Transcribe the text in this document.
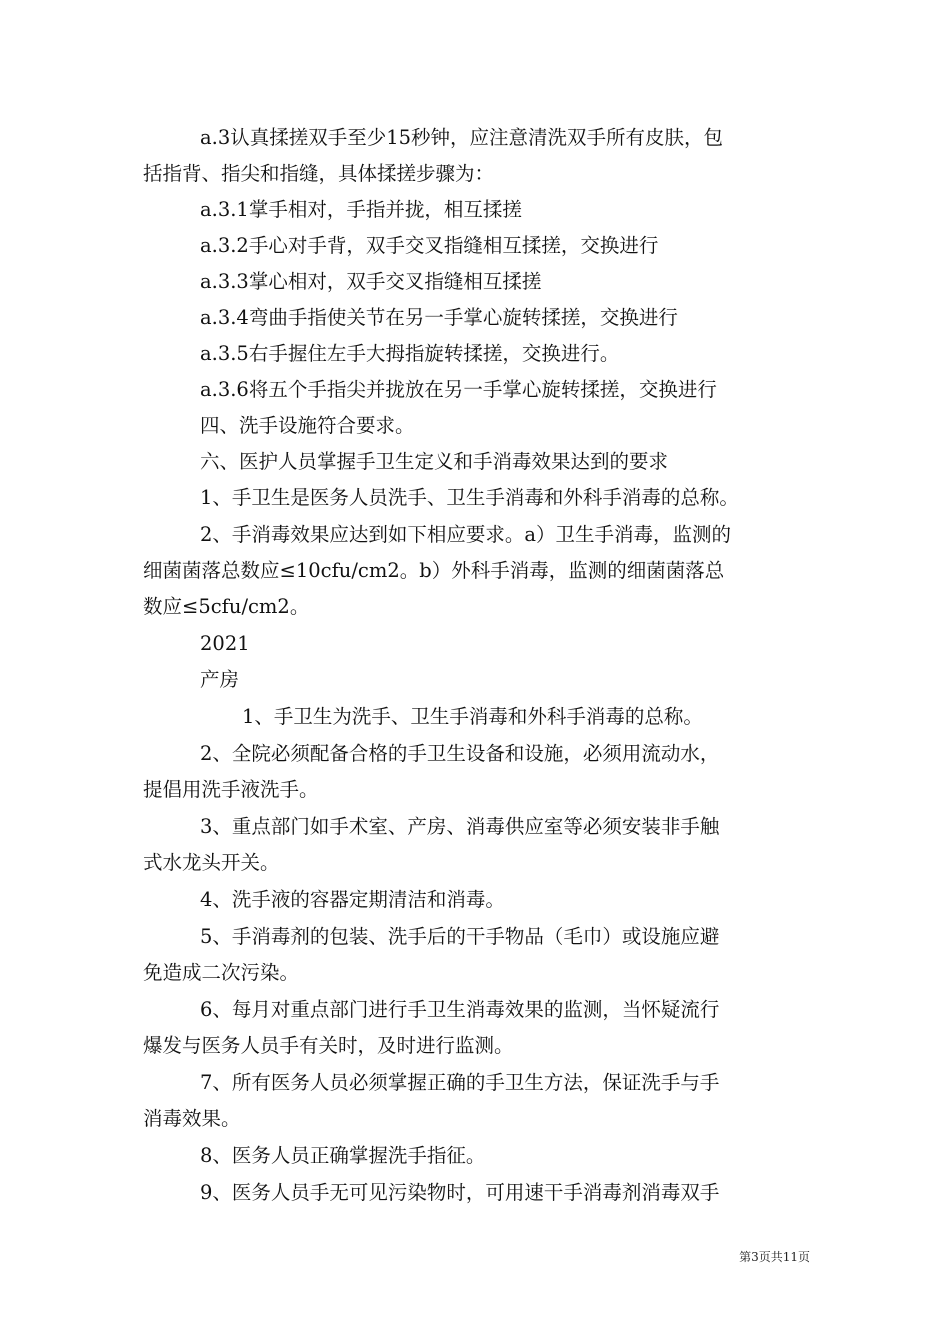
a.3认真揉搓双手至少15秒钟，应注意清洗双手所有皮肤，包

括指背、指尖和指缝，具体揉搓步骤为：

a.3.1掌手相对，手指并拢，相互揉搓

a.3.2手心对手背，双手交叉指缝相互揉搓，交换进行

a.3.3掌心相对，双手交叉指缝相互揉搓

a.3.4弯曲手指使关节在另一手掌心旋转揉搓，交换进行

a.3.5右手握住左手大拇指旋转揉搓，交换进行。

a.3.6将五个手指尖并拢放在另一手掌心旋转揉搓，交换进行

四、洗手设施符合要求。

六、医护人员掌握手卫生定义和手消毒效果达到的要求

1、手卫生是医务人员洗手、卫生手消毒和外科手消毒的总称。

2、手消毒效果应达到如下相应要求。a）卫生手消毒，监测的

细菌菌落总数应≤10cfu/cm2。b）外科手消毒，监测的细菌菌落总

数应≤5cfu/cm2。

2021

产房

1、手卫生为洗手、卫生手消毒和外科手消毒的总称。

2、全院必须配备合格的手卫生设备和设施，必须用流动水，

提倡用洗手液洗手。

3、重点部门如手术室、产房、消毒供应室等必须安装非手触

式水龙头开关。

4、洗手液的容器定期清洁和消毒。

5、手消毒剂的包装、洗手后的干手物品（毛巾）或设施应避

免造成二次污染。

6、每月对重点部门进行手卫生消毒效果的监测，当怀疑流行

爆发与医务人员手有关时，及时进行监测。

7、所有医务人员必须掌握正确的手卫生方法，保证洗手与手

消毒效果。

8、医务人员正确掌握洗手指征。

9、医务人员手无可见污染物时，可用速干手消毒剂消毒双手

第3页共11页
